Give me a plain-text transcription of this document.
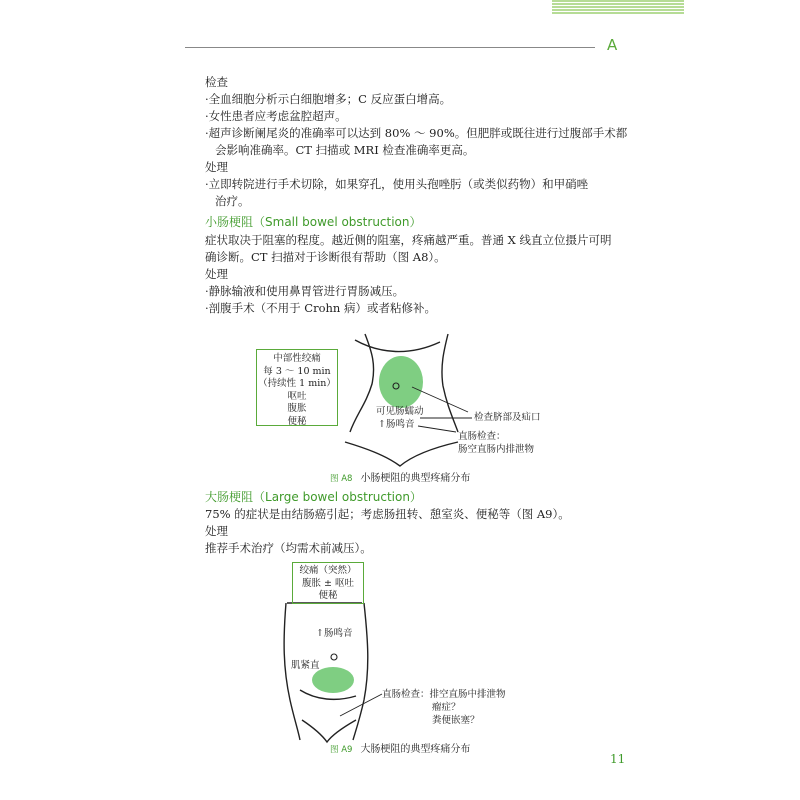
A
检查
·全血细胞分析示白细胞增多；C 反应蛋白增高。
·女性患者应考虑盆腔超声。
·超声诊断阑尾炎的准确率可以达到 80% ～ 90%。但肥胖或既往进行过腹部手术都
会影响准确率。CT 扫描或 MRI 检查准确率更高。
处理
·立即转院进行手术切除，如果穿孔，使用头孢唑肟（或类似药物）和甲硝唑
治疗。
小肠梗阻（Small bowel obstruction）
症状取决于阻塞的程度。越近侧的阻塞，疼痛越严重。普通 X 线直立位摄片可明
确诊断。CT 扫描对于诊断很有帮助（图 A8）。
处理
·静脉输液和使用鼻胃管进行胃肠减压。
·剖腹手术（不用于 Crohn 病）或者粘修补。
中部性绞痛
每 3 ～ 10 min
（持续性 1 min）
呕吐
腹胀
便秘
可见肠蠕动
↑肠鸣音
检查脐部及疝口
直肠检查：
肠空直肠内排泄物
图 A8 小肠梗阻的典型疼痛分布
大肠梗阻（Large bowel obstruction）
75% 的症状是由结肠癌引起；考虑肠扭转、憩室炎、便秘等（图 A9）。
处理
推荐手术治疗（均需术前减压）。
绞痛（突然）
腹胀 ± 呕吐
便秘
↑肠鸣音
肌紧直
直肠检查：排空直肠中排泄物
瘤症？
粪便嵌塞？
图 A9 大肠梗阻的典型疼痛分布
11
